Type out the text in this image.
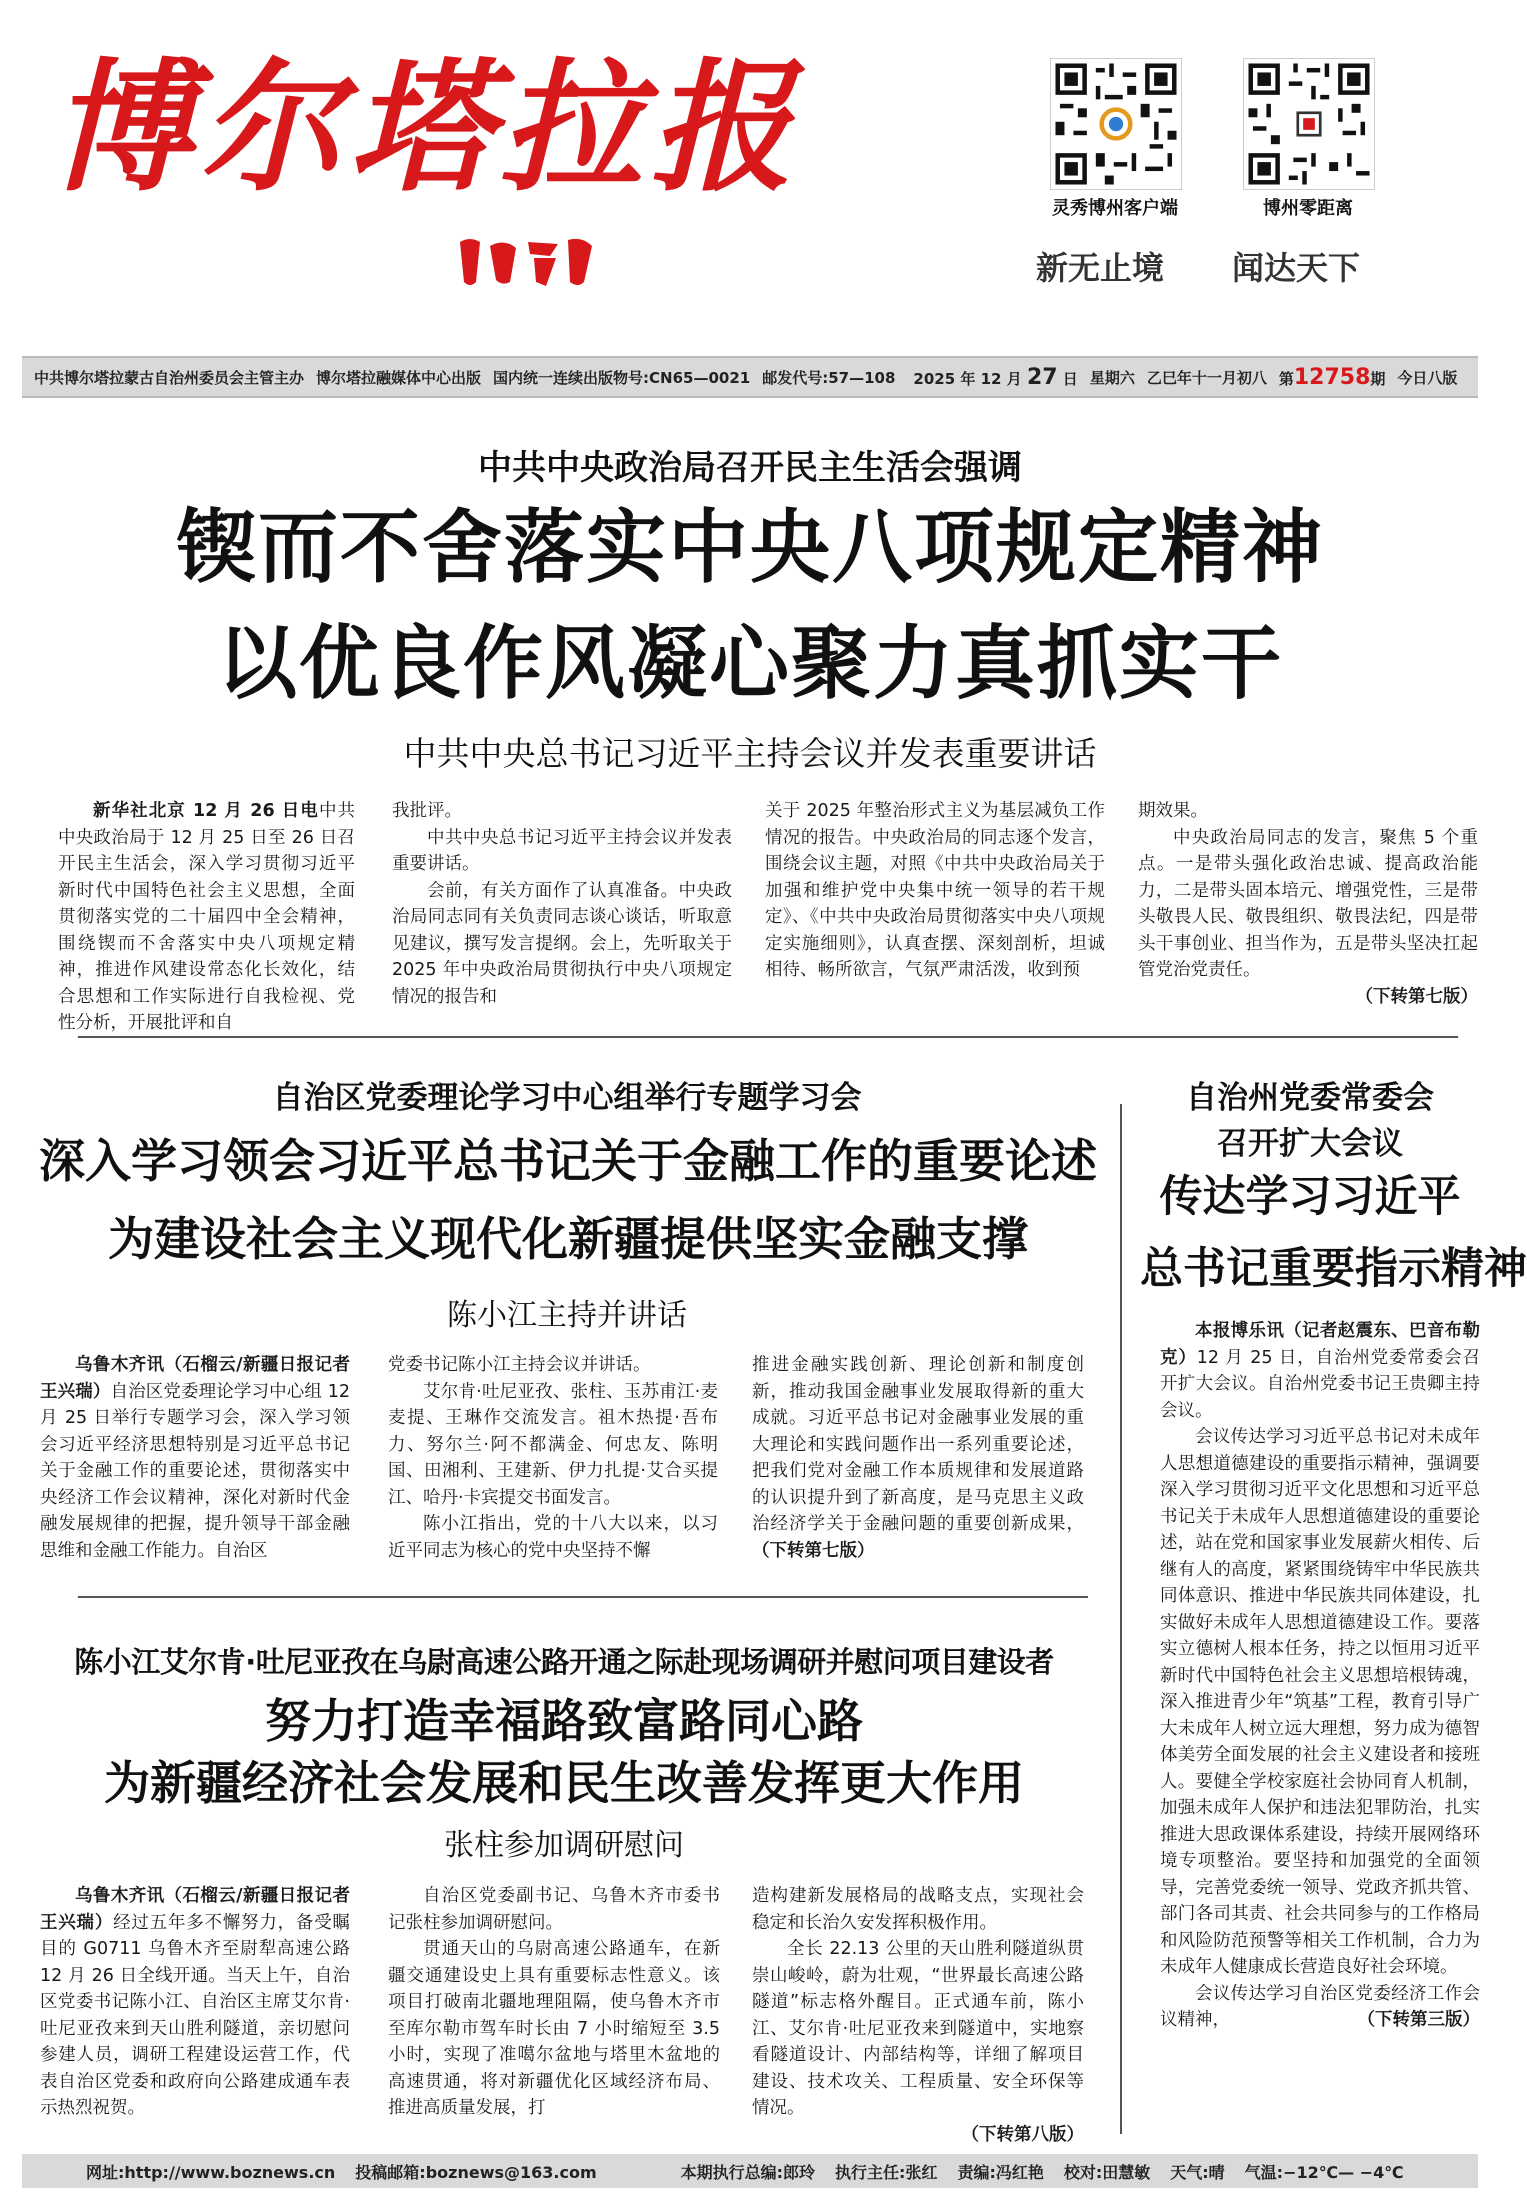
博尔塔拉报	灵秀博州客户端	博州零距离
新无止境 闻达天下
中共博尔塔拉蒙古自治州委员会主管主办 博尔塔拉融媒体中心出版 国内统一连续出版物号:CN65—0021 邮发代号:57—108 2025 年 12 月 27 日 星期六 乙巳年十一月初八 第12758期 今日八版
中共中央政治局召开民主生活会强调
锲而不舍落实中央八项规定精神
以优良作风凝心聚力真抓实干
中共中央总书记习近平主持会议并发表重要讲话

新华社北京 12 月 26 日电中共中央政治局于 12 月 25 日至 26 日召开民主生活会，深入学习贯彻习近平新时代中国特色社会主义思想，全面贯彻落实党的二十届四中全会精神，围绕锲而不舍落实中央八项规定精神，推进作风建设常态化长效化，结合思想和工作实际进行自我检视、党性分析，开展批评和自

我批评。

中共中央总书记习近平主持会议并发表重要讲话。

会前，有关方面作了认真准备。中央政治局同志同有关负责同志谈心谈话，听取意见建议，撰写发言提纲。会上，先听取关于 2025 年中央政治局贯彻执行中央八项规定情况的报告和

关于 2025 年整治形式主义为基层减负工作情况的报告。中央政治局的同志逐个发言，围绕会议主题，对照《中共中央政治局关于加强和维护党中央集中统一领导的若干规定》、《中共中央政治局贯彻落实中央八项规定实施细则》，认真查摆、深刻剖析，坦诚相待、畅所欲言，气氛严肃活泼，收到预

期效果。

中央政治局同志的发言，聚焦 5 个重点。一是带头强化政治忠诚、提高政治能力，二是带头固本培元、增强党性，三是带头敬畏人民、敬畏组织、敬畏法纪，四是带头干事创业、担当作为，五是带头坚决扛起管党治党责任。

（下转第七版）
自治区党委理论学习中心组举行专题学习会
深入学习领会习近平总书记关于金融工作的重要论述
为建设社会主义现代化新疆提供坚实金融支撑
陈小江主持并讲话

乌鲁木齐讯（石榴云/新疆日报记者王兴瑞）自治区党委理论学习中心组 12 月 25 日举行专题学习会，深入学习领会习近平经济思想特别是习近平总书记关于金融工作的重要论述，贯彻落实中央经济工作会议精神，深化对新时代金融发展规律的把握，提升领导干部金融思维和金融工作能力。自治区

党委书记陈小江主持会议并讲话。

艾尔肯·吐尼亚孜、张柱、玉苏甫江·麦麦提、王琳作交流发言。祖木热提·吾布力、努尔兰·阿不都满金、何忠友、陈明国、田湘利、王建新、伊力扎提·艾合买提江、哈丹·卡宾提交书面发言。

陈小江指出，党的十八大以来，以习近平同志为核心的党中央坚持不懈

推进金融实践创新、理论创新和制度创新，推动我国金融事业发展取得新的重大成就。习近平总书记对金融事业发展的重大理论和实践问题作出一系列重要论述，把我们党对金融工作本质规律和发展道路的认识提升到了新高度，是马克思主义政治经济学关于金融问题的重要创新成果，（下转第七版）

陈小江艾尔肯·吐尼亚孜在乌尉高速公路开通之际赴现场调研并慰问项目建设者
努力打造幸福路致富路同心路
为新疆经济社会发展和民生改善发挥更大作用
张柱参加调研慰问

乌鲁木齐讯（石榴云/新疆日报记者王兴瑞）经过五年多不懈努力，备受瞩目的 G0711 乌鲁木齐至尉犁高速公路 12 月 26 日全线开通。当天上午，自治区党委书记陈小江、自治区主席艾尔肯·吐尼亚孜来到天山胜利隧道，亲切慰问参建人员，调研工程建设运营工作，代表自治区党委和政府向公路建成通车表示热烈祝贺。

自治区党委副书记、乌鲁木齐市委书记张柱参加调研慰问。

贯通天山的乌尉高速公路通车，在新疆交通建设史上具有重要标志性意义。该项目打破南北疆地理阻隔，使乌鲁木齐市至库尔勒市驾车时长由 7 小时缩短至 3.5 小时，实现了准噶尔盆地与塔里木盆地的高速贯通，将对新疆优化区域经济布局、推进高质量发展，打

造构建新发展格局的战略支点，实现社会稳定和长治久安发挥积极作用。

全长 22.13 公里的天山胜利隧道纵贯崇山峻岭，蔚为壮观，“世界最长高速公路隧道”标志格外醒目。正式通车前，陈小江、艾尔肯·吐尼亚孜来到隧道中，实地察看隧道设计、内部结构等，详细了解项目建设、技术攻关、工程质量、安全环保等情况。

（下转第八版）
自治州党委常委会
召开扩大会议
传达学习习近平
总书记重要指示精神

本报博乐讯（记者赵震东、巴音布勒克）12 月 25 日，自治州党委常委会召开扩大会议。自治州党委书记王贵卿主持会议。

会议传达学习习近平总书记对未成年人思想道德建设的重要指示精神，强调要深入学习贯彻习近平文化思想和习近平总书记关于未成年人思想道德建设的重要论述，站在党和国家事业发展薪火相传、后继有人的高度，紧紧围绕铸牢中华民族共同体意识、推进中华民族共同体建设，扎实做好未成年人思想道德建设工作。要落实立德树人根本任务，持之以恒用习近平新时代中国特色社会主义思想培根铸魂，深入推进青少年“筑基”工程，教育引导广大未成年人树立远大理想，努力成为德智体美劳全面发展的社会主义建设者和接班人。要健全学校家庭社会协同育人机制，加强未成年人保护和违法犯罪防治，扎实推进大思政课体系建设，持续开展网络环境专项整治。要坚持和加强党的全面领导，完善党委统一领导、党政齐抓共管、部门各司其责、社会共同参与的工作格局和风险防范预警等相关工作机制，合力为未成年人健康成长营造良好社会环境。

会议传达学习自治区党委经济工作会议精神，	（下转第三版）

网址:http://www.boznews.cn 投稿邮箱:boznews@163.com	本期执行总编:郎玲 执行主任:张红 责编:冯红艳 校对:田慧敏 天气:晴 气温:−12℃— −4℃
